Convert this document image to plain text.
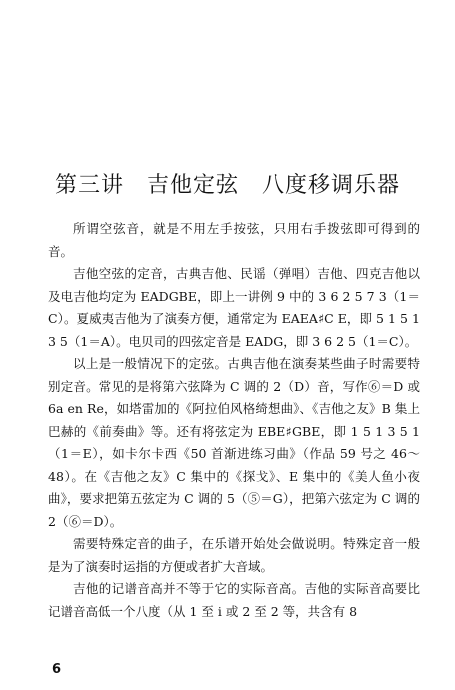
第三讲　吉他定弦　八度移调乐器

所谓空弦音，就是不用左手按弦，只用右手拨弦即可得到的音。

吉他空弦的定音，古典吉他、民谣（弹唱）吉他、四克吉他以及电吉他均定为 EADGBE，即上一讲例 9 中的 3 6 2 5 7 3（1＝C）。夏威夷吉他为了演奏方便，通常定为 EAEA♯C E，即 5 1 5 1 3 5（1＝A）。电贝司的四弦定音是 EADG，即 3 6 2 5（1＝C）。

以上是一般情况下的定弦。古典吉他在演奏某些曲子时需要特别定音。常见的是将第六弦降为 C 调的 2（D）音，写作⑥＝D 或 6a en Re，如塔雷加的《阿拉伯风格绮想曲》、《吉他之友》B 集上巴赫的《前奏曲》等。还有将弦定为 EBE♯GBE，即 1 5 1 3 5 1（1＝E），如卡尔卡西《50 首渐进练习曲》（作品 59 号之 46～48）。在《吉他之友》C 集中的《探戈》、E 集中的《美人鱼小夜曲》，要求把第五弦定为 C 调的 5（⑤＝G），把第六弦定为 C 调的 2（⑥＝D）。

需要特殊定音的曲子，在乐谱开始处会做说明。特殊定音一般是为了演奏时运指的方便或者扩大音域。

吉他的记谱音高并不等于它的实际音高。吉他的实际音高要比记谱音高低一个八度（从 1 至 i 或 2 至 2 等，共含有 8

6
